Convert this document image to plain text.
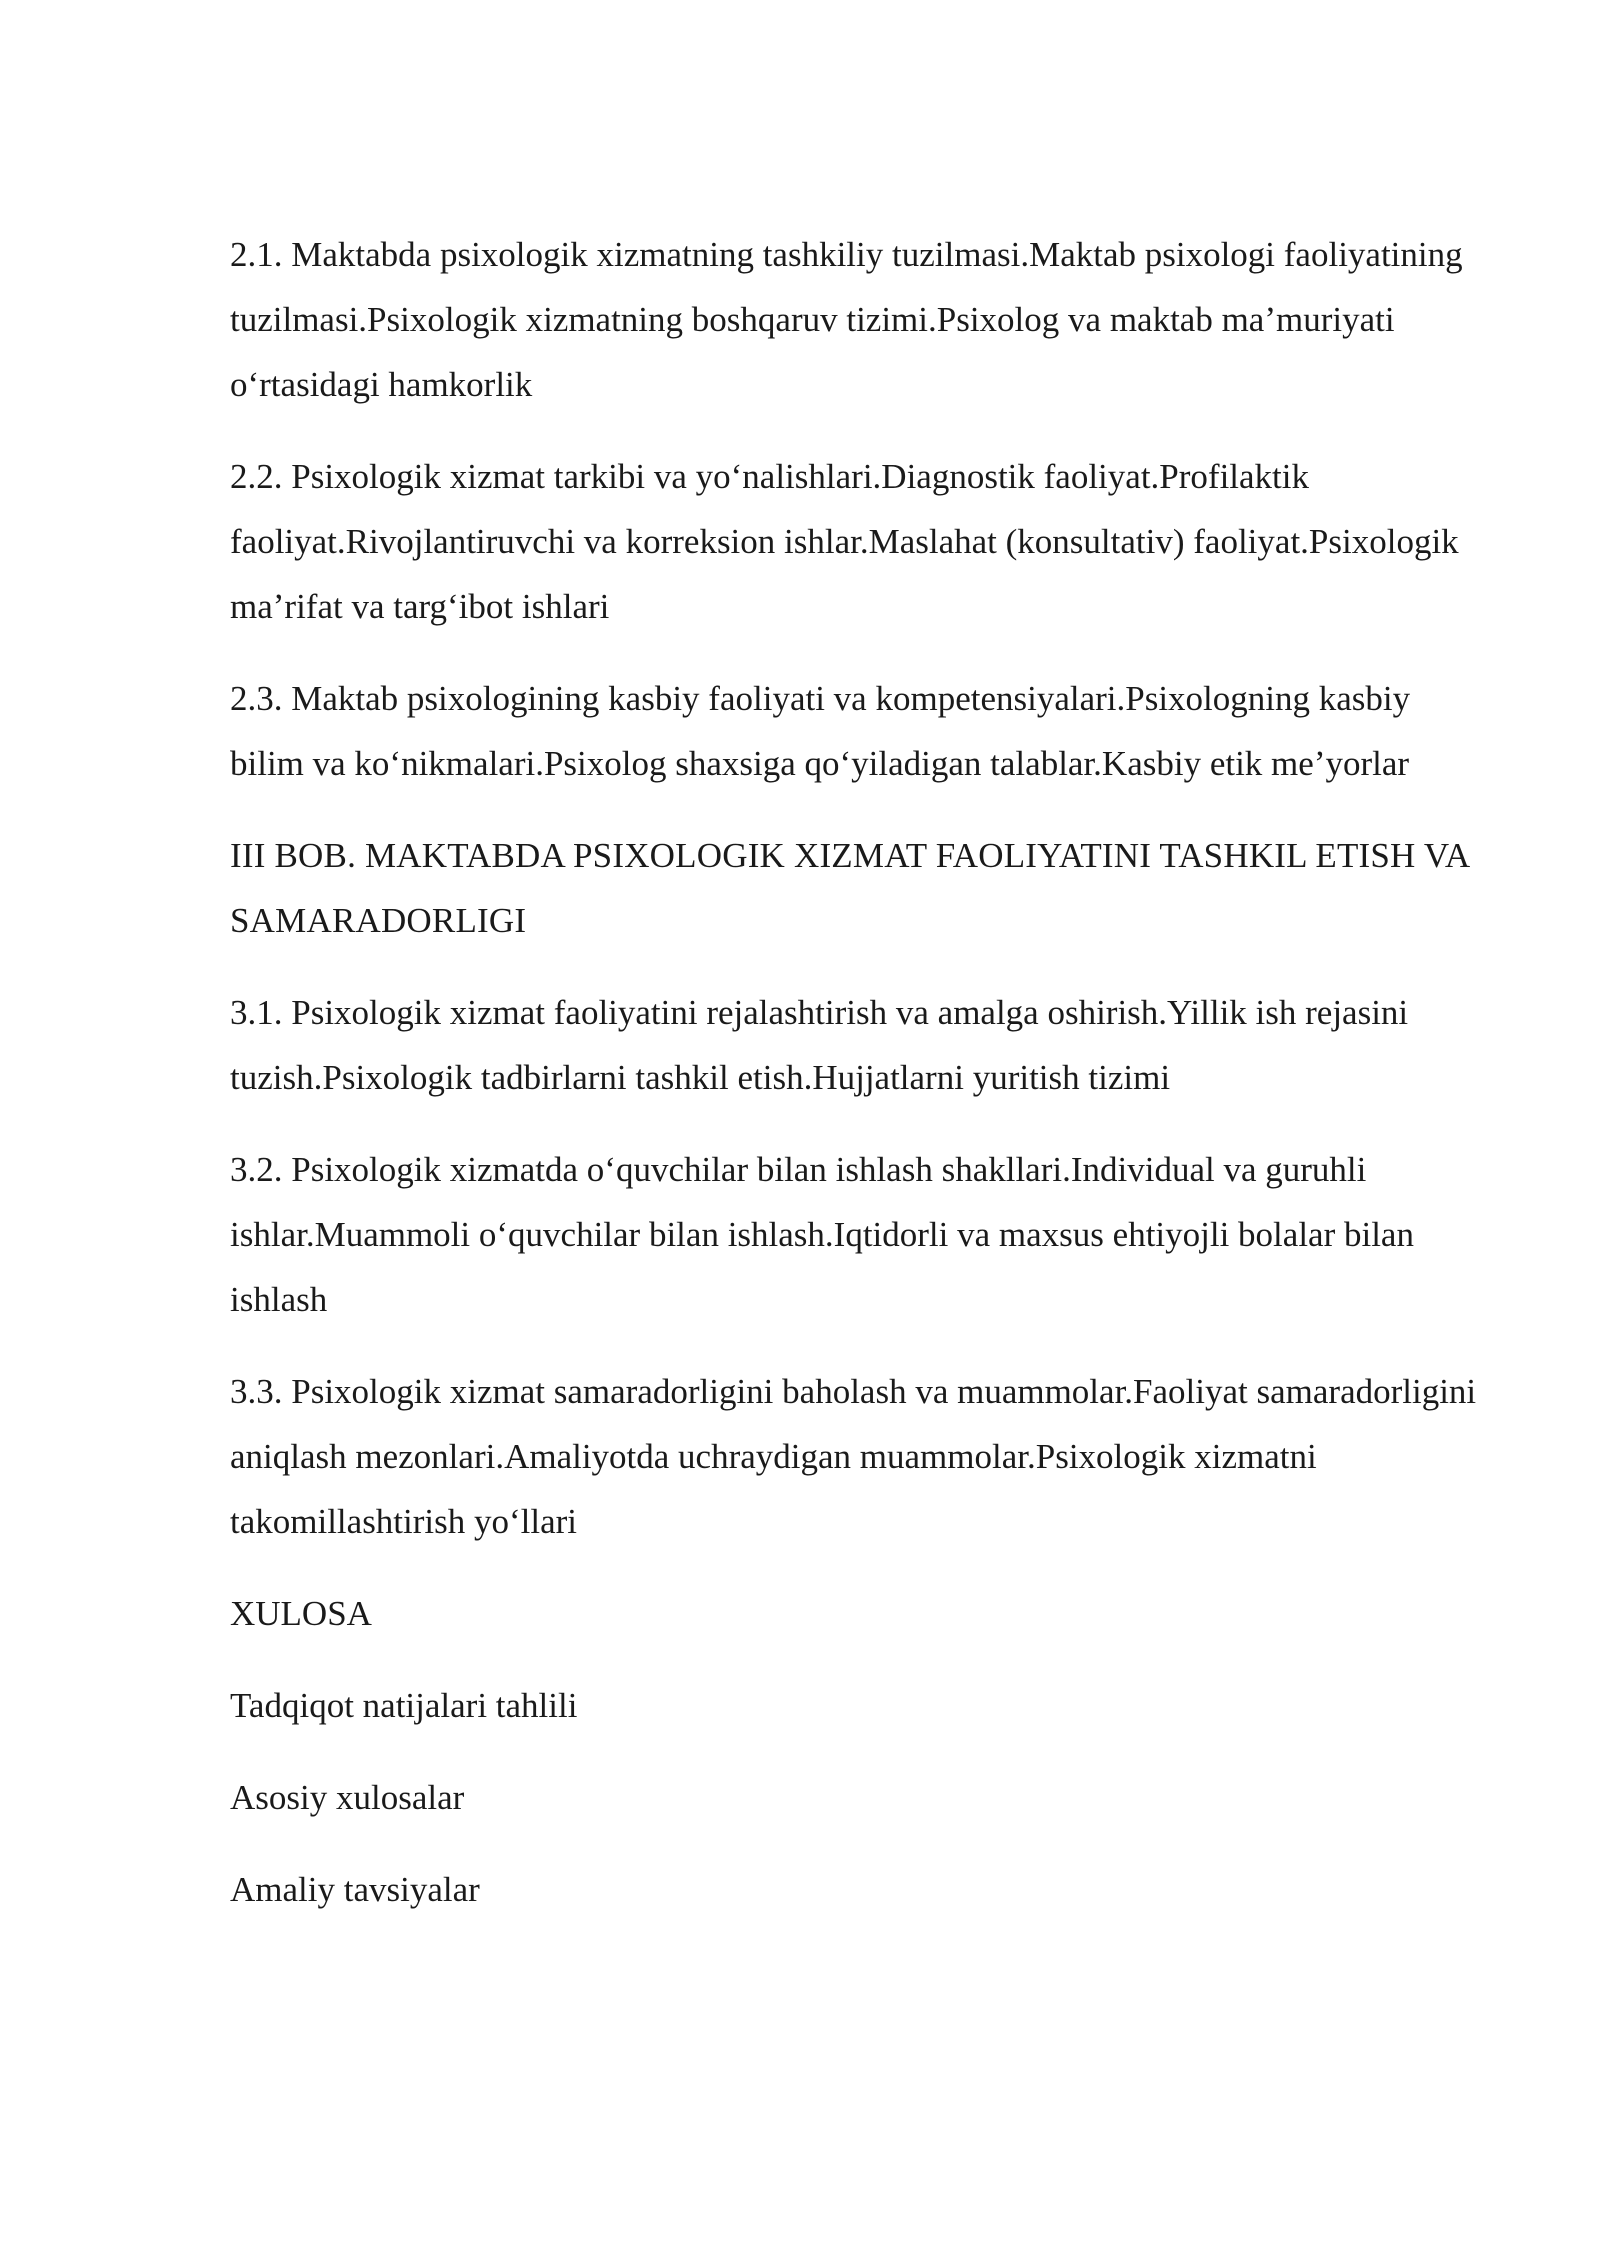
2.1. Maktabda psixologik xizmatning tashkiliy tuzilmasi.Maktab psixologi faoliyatining tuzilmasi.Psixologik xizmatning boshqaruv tizimi.Psixolog va maktab maʼmuriyati oʻrtasidagi hamkorlik

2.2. Psixologik xizmat tarkibi va yoʻnalishlari.Diagnostik faoliyat.Profilaktik faoliyat.Rivojlantiruvchi va korreksion ishlar.Maslahat (konsultativ) faoliyat.Psixologik maʼrifat va targʻibot ishlari

2.3. Maktab psixologining kasbiy faoliyati va kompetensiyalari.Psixologning kasbiy bilim va koʻnikmalari.Psixolog shaxsiga qoʻyiladigan talablar.Kasbiy etik meʼyorlar

III BOB. MAKTABDA PSIXOLOGIK XIZMAT FAOLIYATINI TASHKIL ETISH VA SAMARADORLIGI

3.1. Psixologik xizmat faoliyatini rejalashtirish va amalga oshirish.Yillik ish rejasini tuzish.Psixologik tadbirlarni tashkil etish.Hujjatlarni yuritish tizimi

3.2. Psixologik xizmatda oʻquvchilar bilan ishlash shakllari.Individual va guruhli ishlar.Muammoli oʻquvchilar bilan ishlash.Iqtidorli va maxsus ehtiyojli bolalar bilan ishlash

3.3. Psixologik xizmat samaradorligini baholash va muammolar.Faoliyat samaradorligini aniqlash mezonlari.Amaliyotda uchraydigan muammolar.Psixologik xizmatni takomillashtirish yoʻllari

XULOSA

Tadqiqot natijalari tahlili

Asosiy xulosalar

Amaliy tavsiyalar
